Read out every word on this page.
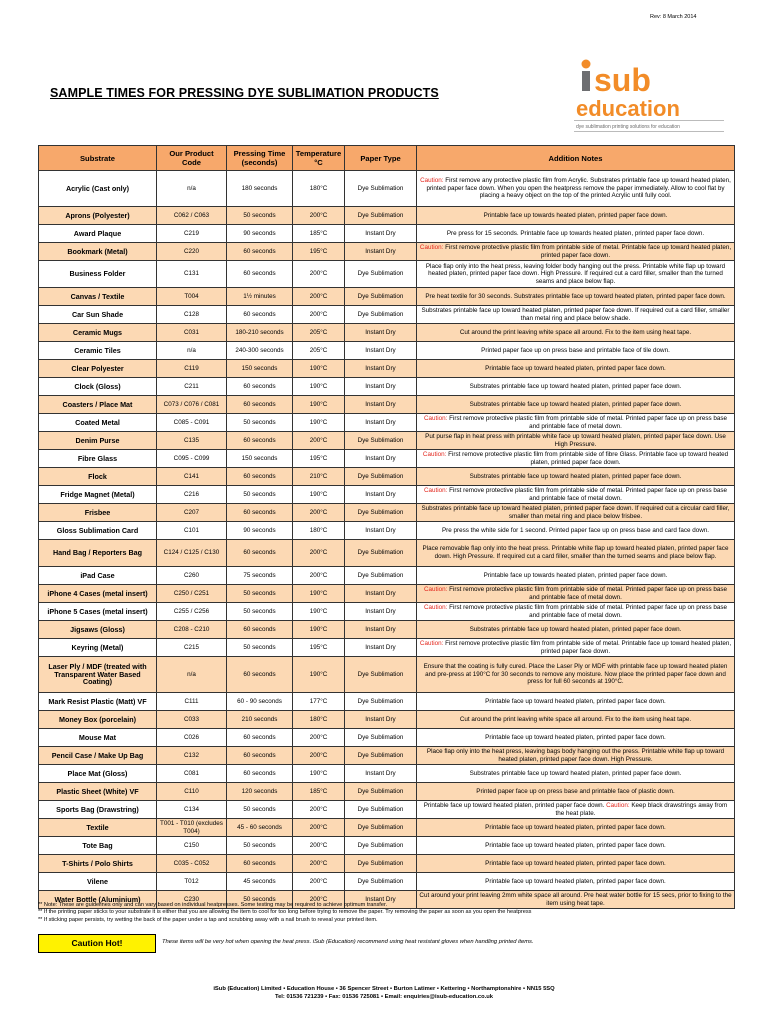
Rev: 8 March 2014
SAMPLE TIMES FOR PRESSING DYE SUBLIMATION PRODUCTS	sub
education
dye sublimation printing solutions for education
Substrate	Our Product Code	Pressing Time (seconds)	Temperature °C	Paper Type	Addition Notes
Acrylic (Cast only)	n/a	180 seconds	180°C	Dye Sublimation	Caution: First remove any protective plastic film from Acrylic. Substrates printable face up toward heated platen, printed paper face down. When you open the heatpress remove the paper immediately. Allow to cool flat by placing a heavy object on the top of the printed Acrylic until fully cool.
Aprons (Polyester)	C062 / C063	50 seconds	200°C	Dye Sublimation	Printable face up towards heated platen, printed paper face down.
Award Plaque	C219	90 seconds	185°C	Instant Dry	Pre press for 15 seconds. Printable face up towards heated platen, printed paper face down.
Bookmark (Metal)	C220	60 seconds	195°C	Instant Dry	Caution: First remove protective plastic film from printable side of metal. Printable face up toward heated platen, printed paper face down.
Business Folder	C131	60 seconds	200°C	Dye Sublimation	Place flap only into the heat press, leaving folder body hanging out the press. Printable white flap up toward heated platen, printed paper face down. High Pressure. If required cut a card filler, smaller than the turned seams and place below flap.
Canvas / Textile	T004	1½ minutes	200°C	Dye Sublimation	Pre heat textile for 30 seconds. Substrates printable face up toward heated platen, printed paper face down.
Car Sun Shade	C128	60 seconds	200°C	Dye Sublimation	Substrates printable face up toward heated platen, printed paper face down. If required cut a card filler, smaller than metal ring and place below shade.
Ceramic Mugs	C031	180-210 seconds	205°C	Instant Dry	Cut around the print leaving white space all around. Fix to the item using heat tape.
Ceramic Tiles	n/a	240-300 seconds	205°C	Instant Dry	Printed paper face up on press base and printable face of tile down.
Clear Polyester	C119	150 seconds	190°C	Instant Dry	Printable face up toward heated platen, printed paper face down.
Clock (Gloss)	C211	60 seconds	190°C	Instant Dry	Substrates printable face up toward heated platen, printed paper face down.
Coasters / Place Mat	C073 / C076 / C081	60 seconds	190°C	Instant Dry	Substrates printable face up toward heated platen, printed paper face down.
Coated Metal	C085 - C091	50 seconds	190°C	Instant Dry	Caution: First remove protective plastic film from printable side of metal. Printed paper face up on press base and printable face of metal down.
Denim Purse	C135	60 seconds	200°C	Dye Sublimation	Put purse flap in heat press with printable white face up toward heated platen, printed paper face down. Use High Pressure.
Fibre Glass	C095 - C099	150 seconds	195°C	Instant Dry	Caution: First remove protective plastic film from printable side of fibre Glass. Printable face up toward heated platen, printed paper face down.
Flock	C141	60 seconds	210°C	Dye Sublimation	Substrates printable face up toward heated platen, printed paper face down.
Fridge Magnet (Metal)	C216	50 seconds	190°C	Instant Dry	Caution: First remove protective plastic film from printable side of metal. Printed paper face up on press base and printable face of metal down.
Frisbee	C207	60 seconds	200°C	Dye Sublimation	Substrates printable face up toward heated platen, printed paper face down. If required cut a circular card filler, smaller than metal ring and place below frisbee.
Gloss Sublimation Card	C101	90 seconds	180°C	Instant Dry	Pre press the white side for 1 second. Printed paper face up on press base and card face down.
Hand Bag / Reporters Bag	C124 / C125 / C130	60 seconds	200°C	Dye Sublimation	Place removable flap only into the heat press. Printable white flap up toward heated platen, printed paper face down. High Pressure. If required cut a card filler, smaller than the turned seams and place below flap.
iPad Case	C260	75 seconds	200°C	Dye Sublimation	Printable face up towards heated platen, printed paper face down.
iPhone 4 Cases (metal insert)	C250 / C251	50 seconds	190°C	Instant Dry	Caution: First remove protective plastic film from printable side of metal. Printed paper face up on press base and printable face of metal down.
iPhone 5 Cases (metal insert)	C255 / C256	50 seconds	190°C	Instant Dry	Caution: First remove protective plastic film from printable side of metal. Printed paper face up on press base and printable face of metal down.
Jigsaws (Gloss)	C208 - C210	60 seconds	190°C	Instant Dry	Substrates printable face up toward heated platen, printed paper face down.
Keyring (Metal)	C215	50 seconds	195°C	Instant Dry	Caution: First remove protective plastic film from printable side of metal. Printable face up toward heated platen, printed paper face down.
Laser Ply / MDF (treated with Transparent Water Based Coating)	n/a	60 seconds	190°C	Dye Sublimation	Ensure that the coating is fully cured. Place the Laser Ply or MDF with printable face up toward heated platen and pre-press at 190°C for 30 seconds to remove any moisture. Now place the printed paper face down and press for full 60 seconds at 190°C.
Mark Resist Plastic (Matt) VF	C111	60 - 90 seconds	177°C	Dye Sublimation	Printable face up toward heated platen, printed paper face down.
Money Box (porcelain)	C033	210 seconds	180°C	Instant Dry	Cut around the print leaving white space all around. Fix to the item using heat tape.
Mouse Mat	C026	60 seconds	200°C	Dye Sublimation	Printable face up toward heated platen, printed paper face down.
Pencil Case / Make Up Bag	C132	60 seconds	200°C	Dye Sublimation	Place flap only into the heat press, leaving bags body hanging out the press. Printable white flap up toward heated platen, printed paper face down. High Pressure.
Place Mat (Gloss)	C081	60 seconds	190°C	Instant Dry	Substrates printable face up toward heated platen, printed paper face down.
Plastic Sheet (White) VF	C110	120 seconds	185°C	Dye Sublimation	Printed paper face up on press base and printable face of plastic down.
Sports Bag (Drawstring)	C134	50 seconds	200°C	Dye Sublimation	Printable face up toward heated platen, printed paper face down. Caution: Keep black drawstrings away from the heat plate.
Textile	T001 - T010 (excludes T004)	45 - 60 seconds	200°C	Dye Sublimation	Printable face up toward heated platen, printed paper face down.
Tote Bag	C150	50 seconds	200°C	Dye Sublimation	Printable face up toward heated platen, printed paper face down.
T-Shirts / Polo Shirts	C035 - C052	60 seconds	200°C	Dye Sublimation	Printable face up toward heated platen, printed paper face down.
Vilene	T012	45 seconds	200°C	Dye Sublimation	Printable face up toward heated platen, printed paper face down.
Water Bottle (Aluminium)	C230	50 seconds	200°C	Instant Dry	Cut around your print leaving 2mm white space all around. Pre heat water bottle for 15 secs, prior to fixing to the item using heat tape.
** Note: These are guidelines only and can vary based on individual heatpresses. Some testing may be required to achieve optimum transfer.
** If the printing paper sticks to your substrate it is either that you are allowing the item to cool for too long before trying to remove the paper. Try removing the paper as soon as you open the heatpress
** If sticking paper persists, try wetting the back of the paper under a tap and scrubbing away with a nail brush to reveal your printed item.
Caution Hot!	These items will be very hot when opening the heat press. iSub (Education) recommend using heat resistant gloves when handling printed items.
iSub (Education) Limited • Education House • 36 Spencer Street • Burton Latimer • Kettering • Northamptonshire • NN15 5SQ
Tel: 01536 721239 • Fax: 01536 725081 • Email: enquiries@isub-education.co.uk
